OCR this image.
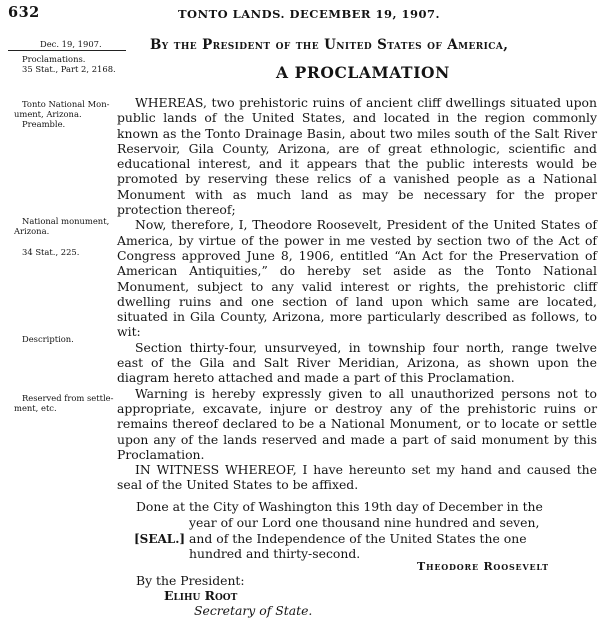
632	TONTO LANDS. DECEMBER 19, 1907.
Dec. 19, 1907.
Proclamations.
35 Stat., Part 2, 2168.
Tonto National Mon-
ument, Arizona.
Preamble.
National monument,
Arizona.
34 Stat., 225.
Description.
Reserved from settle-
ment, etc.
By the President of the United States of America,
A PROCLAMATION

WHEREAS, two prehistoric ruins of ancient cliff dwellings situated upon public lands of the United States, and located in the region commonly known as the Tonto Drainage Basin, about two miles south of the Salt River Reservoir, Gila County, Arizona, are of great ethnologic, scientific and educational interest, and it appears that the public interests would be promoted by reserving these relics of a vanished people as a National Monument with as much land as may be necessary for the proper protection thereof;

Now, therefore, I, Theodore Roosevelt, President of the United States of America, by virtue of the power in me vested by section two of the Act of Congress approved June 8, 1906, entitled “An Act for the Preservation of American Antiquities,” do hereby set aside as the Tonto National Monument, subject to any valid interest or rights, the prehistoric cliff dwelling ruins and one section of land upon which same are located, situated in Gila County, Arizona, more particularly described as follows, to wit:

Section thirty-four, unsurveyed, in township four north, range twelve east of the Gila and Salt River Meridian, Arizona, as shown upon the diagram hereto attached and made a part of this Proclamation.

Warning is hereby expressly given to all unauthorized persons not to appropriate, excavate, injure or destroy any of the prehistoric ruins or remains thereof declared to be a National Monument, or to locate or settle upon any of the lands reserved and made a part of said monument by this Proclamation.

IN WITNESS WHEREOF, I have hereunto set my hand and caused the seal of the United States to be affixed.

Done at the City of Washington this 19th day of December in the
year of our Lord one thousand nine hundred and seven,
[SEAL.] and of the Independence of the United States the one
hundred and thirty-second.
Theodore Roosevelt
By the President:
Elihu Root
Secretary of State.
